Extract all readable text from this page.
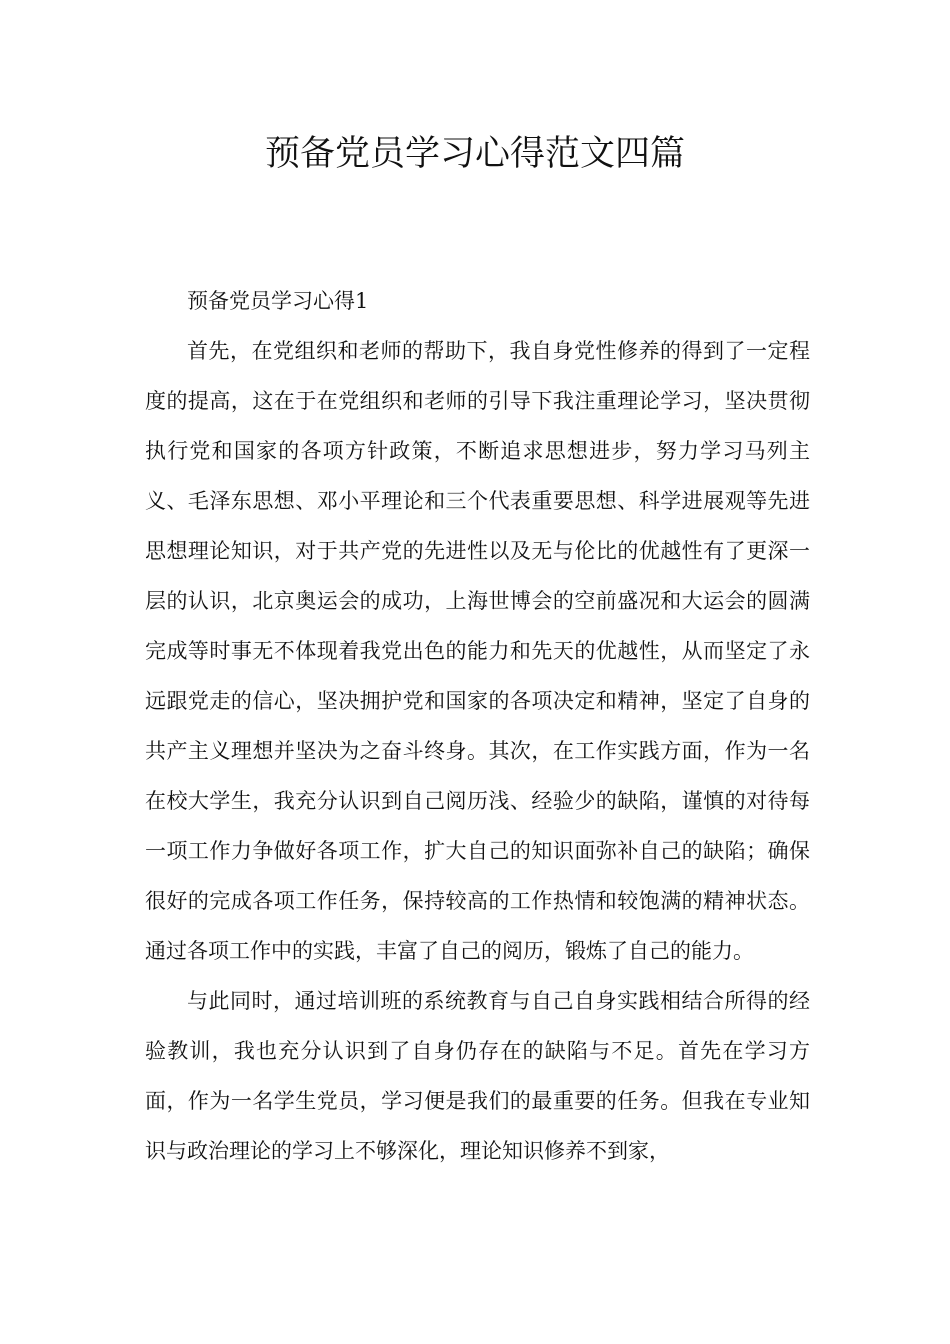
预备党员学习心得范文四篇
预备党员学习心得1

首先，在党组织和老师的帮助下，我自身党性修养的得到了一定程度的提高，这在于在党组织和老师的引导下我注重理论学习，坚决贯彻执行党和国家的各项方针政策，不断追求思想进步，努力学习马列主义、毛泽东思想、邓小平理论和三个代表重要思想、科学进展观等先进思想理论知识，对于共产党的先进性以及无与伦比的优越性有了更深一层的认识，北京奥运会的成功，上海世博会的空前盛况和大运会的圆满完成等时事无不体现着我党出色的能力和先天的优越性，从而坚定了永远跟党走的信心，坚决拥护党和国家的各项决定和精神，坚定了自身的共产主义理想并坚决为之奋斗终身。其次，在工作实践方面，作为一名在校大学生，我充分认识到自己阅历浅、经验少的缺陷，谨慎的对待每一项工作力争做好各项工作，扩大自己的知识面弥补自己的缺陷；确保很好的完成各项工作任务，保持较高的工作热情和较饱满的精神状态。通过各项工作中的实践，丰富了自己的阅历，锻炼了自己的能力。

与此同时，通过培训班的系统教育与自己自身实践相结合所得的经验教训，我也充分认识到了自身仍存在的缺陷与不足。首先在学习方面，作为一名学生党员，学习便是我们的最重要的任务。但我在专业知识与政治理论的学习上不够深化，理论知识修养不到家，
